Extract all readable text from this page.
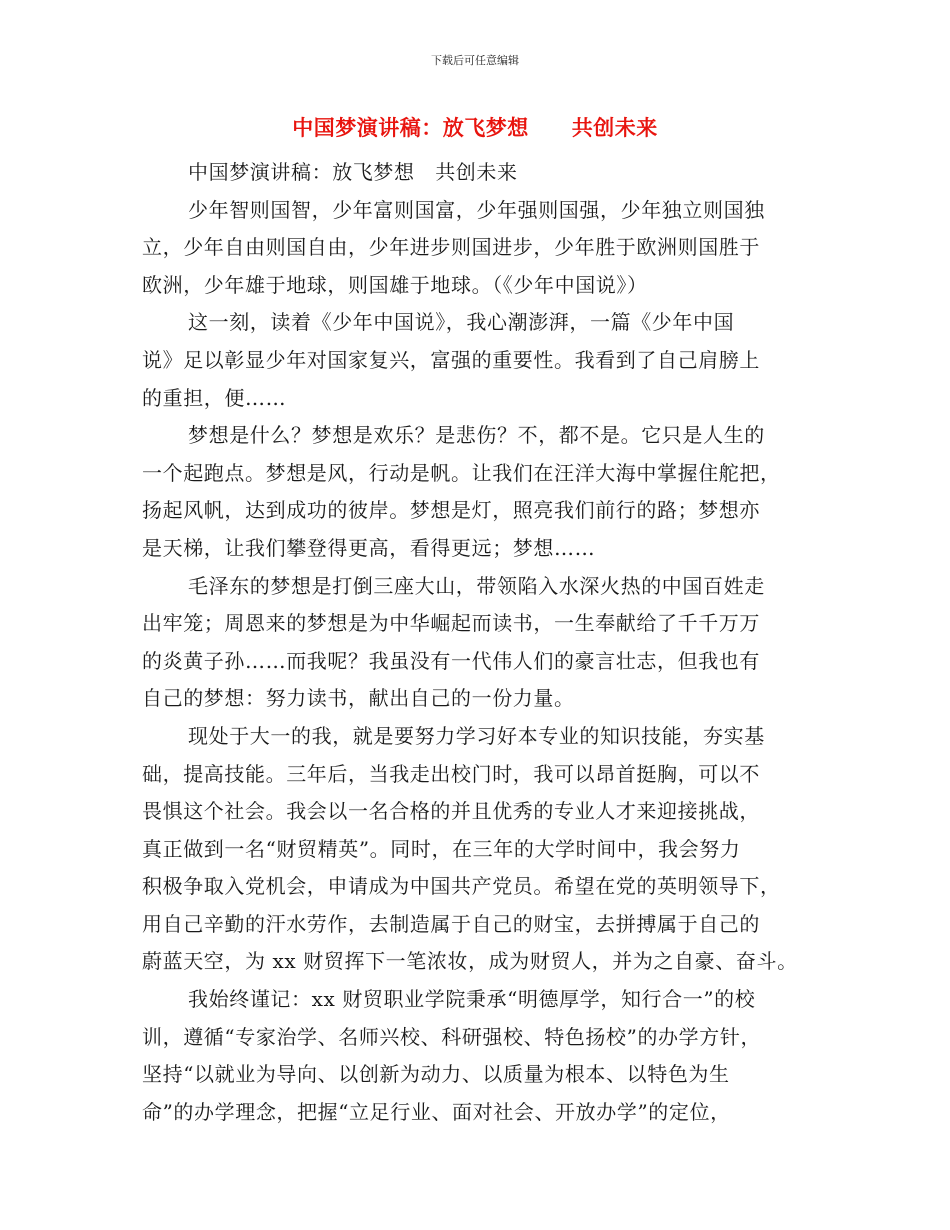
下载后可任意编辑
中国梦演讲稿：放飞梦想　　共创未来
中国梦演讲稿：放飞梦想　共创未来
少年智则国智，少年富则国富，少年强则国强，少年独立则国独
立，少年自由则国自由，少年进步则国进步，少年胜于欧洲则国胜于
欧洲，少年雄于地球，则国雄于地球。（《少年中国说》）
这一刻，读着《少年中国说》，我心潮澎湃，一篇《少年中国
说》足以彰显少年对国家复兴，富强的重要性。我看到了自己肩膀上
的重担，便……
梦想是什么？梦想是欢乐？是悲伤？不，都不是。它只是人生的
一个起跑点。梦想是风，行动是帆。让我们在汪洋大海中掌握住舵把，
扬起风帆，达到成功的彼岸。梦想是灯，照亮我们前行的路；梦想亦
是天梯，让我们攀登得更高，看得更远；梦想……
毛泽东的梦想是打倒三座大山，带领陷入水深火热的中国百姓走
出牢笼；周恩来的梦想是为中华崛起而读书，一生奉献给了千千万万
的炎黄子孙……而我呢？我虽没有一代伟人们的豪言壮志，但我也有
自己的梦想：努力读书，献出自己的一份力量。
现处于大一的我，就是要努力学习好本专业的知识技能，夯实基
础，提高技能。三年后，当我走出校门时，我可以昂首挺胸，可以不
畏惧这个社会。我会以一名合格的并且优秀的专业人才来迎接挑战，
真正做到一名“财贸精英”。同时，在三年的大学时间中，我会努力
积极争取入党机会，申请成为中国共产党员。希望在党的英明领导下，
用自己辛勤的汗水劳作，去制造属于自己的财宝，去拼搏属于自己的
蔚蓝天空，为 xx 财贸挥下一笔浓妆，成为财贸人，并为之自豪、奋斗。
我始终谨记：xx 财贸职业学院秉承“明德厚学，知行合一”的校
训，遵循“专家治学、名师兴校、科研强校、特色扬校”的办学方针，
坚持“以就业为导向、以创新为动力、以质量为根本、以特色为生
命”的办学理念，把握“立足行业、面对社会、开放办学”的定位，
